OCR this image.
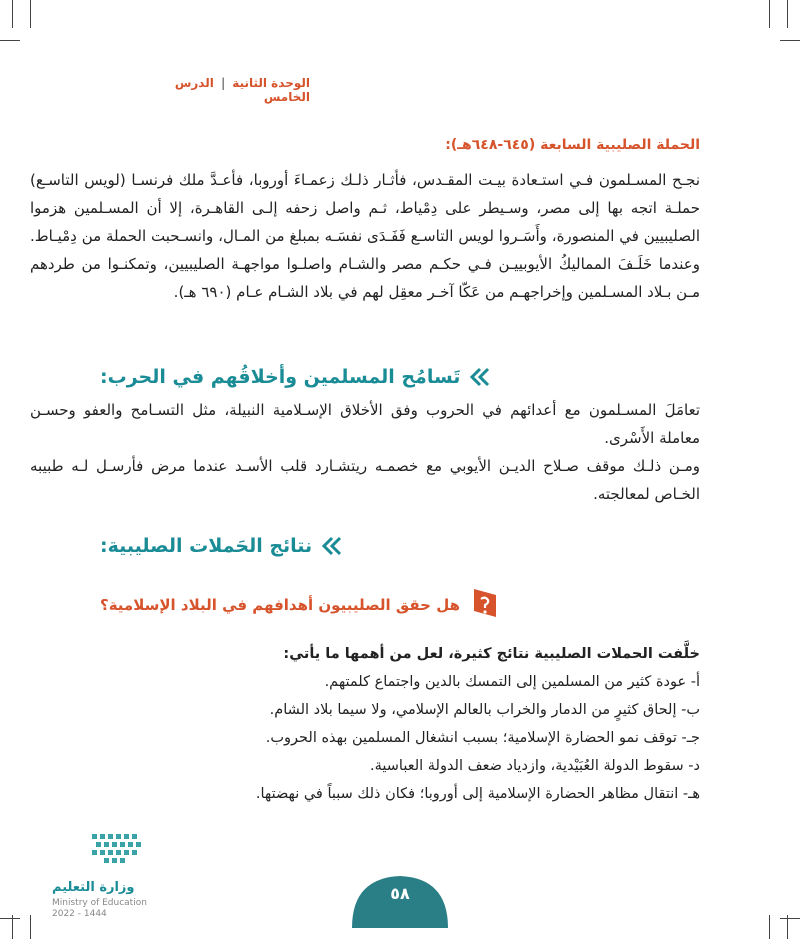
الوحدة الثانية | الدرس الخامس
الحملة الصليبية السابعة (٦٤٥-٦٤٨هـ):
نجـح المسـلمون فـي استـعادة بيـت المقـدس، فأثـار ذلـك زعمـاءَ أوروبا، فأعـدَّ ملك فرنسـا (لويس التاسـع) حملـة اتجه بها إلى مصر، وسـيطر على دِمْياط، ثـم واصل زحفه إلـى القاهـرة، إلا أن المسـلمين هزموا الصليبيين في المنصورة، وأَسَـروا لويس التاسـع فَفَـدَى نفسَـه بمبلغ من المـال، وانسـحبت الحملة من دِمْيـاط. وعندما خَلَـفَ المماليكُ الأيوبييـن فـي حكـم مصر والشـام واصلـوا مواجهـة الصليبيين، وتمكنـوا من طردهم مـن بـلاد المسـلمين وإخراجهـم من عَكّا آخـر معقِل لهم في بلاد الشـام عـام (٦٩٠ هـ).
تَسامُح المسلمين وأخلاقُهم في الحرب:
تعامَلَ المسـلمون مع أعدائهم في الحروب وفق الأخلاق الإسـلامية النبيلة، مثل التسـامح والعفو وحسـن معاملة الأَسْرى.
ومـن ذلـك موقف صـلاح الديـن الأيوبي مع خصمـه ريتشـارد قلب الأسـد عندما مرض فأرسـل لـه طبيبه الخـاص لمعالجته.
نتائج الحَملات الصليبية:
هل حقق الصليبيون أهدافهم في البلاد الإسلامية؟
خلَّفت الحملات الصليبية نتائج كثيرة، لعل من أهمها ما يأتي:
أ- عودة كثير من المسلمين إلى التمسك بالدين واجتماع كلمتهم.
ب- إلحاق كثيرٍ من الدمار والخراب بالعالم الإسلامي، ولا سيما بلاد الشام.
جـ- توقف نمو الحضارة الإسلامية؛ بسبب انشغال المسلمين بهذه الحروب.
د- سقوط الدولة العُبَيْدية، وازدياد ضعف الدولة العباسية.
هـ- انتقال مظاهر الحضارة الإسلامية إلى أوروبا؛ فكان ذلك سبباً في نهضتها.
وزارة التعليم
Ministry of Education
2022 - 1444
٥٨
